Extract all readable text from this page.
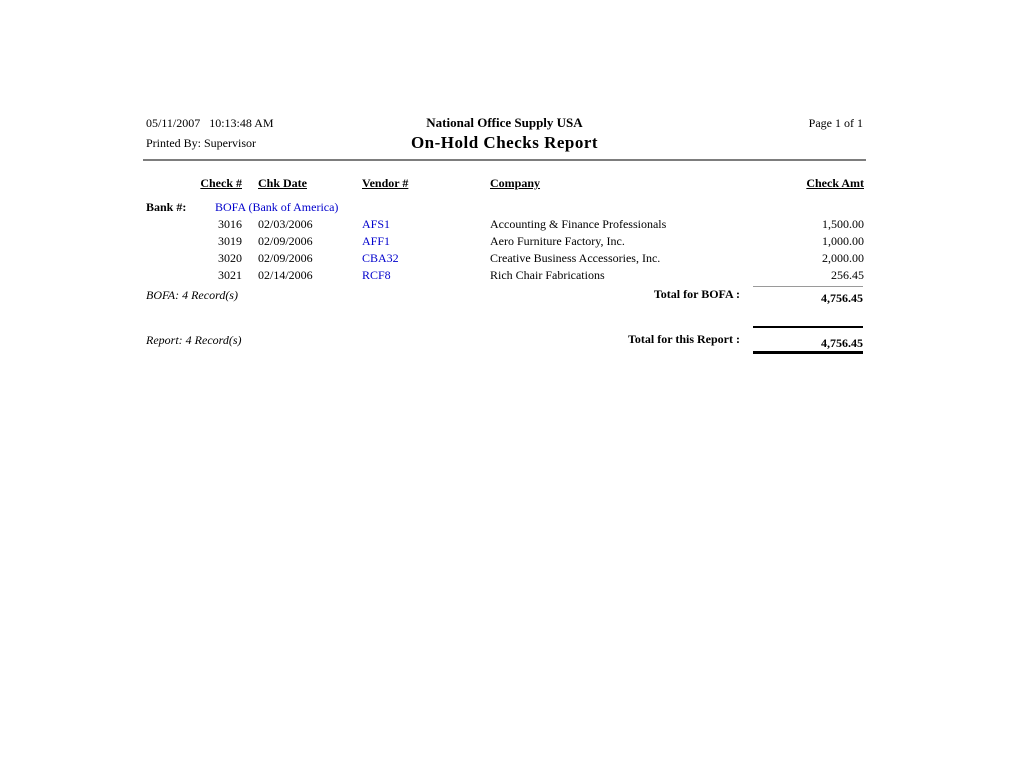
05/11/2007   10:13:48 AM
Printed By: Supervisor
National Office Supply USA
On-Hold Checks Report
Page 1 of 1
Check # Chk Date	Vendor #	Company	Check Amt
Bank #: BOFA (Bank of America)
3016 02/03/2006	AFS1	Accounting & Finance Professionals	1,500.00
3019 02/09/2006	AFF1	Aero Furniture Factory, Inc.	1,000.00
3020 02/09/2006	CBA32	Creative Business Accessories, Inc.	2,000.00
3021 02/14/2006	RCF8	Rich Chair Fabrications	256.45
BOFA: 4 Record(s)	Total for BOFA :	4,756.45
Report: 4 Record(s)	Total for this Report :	4,756.45
